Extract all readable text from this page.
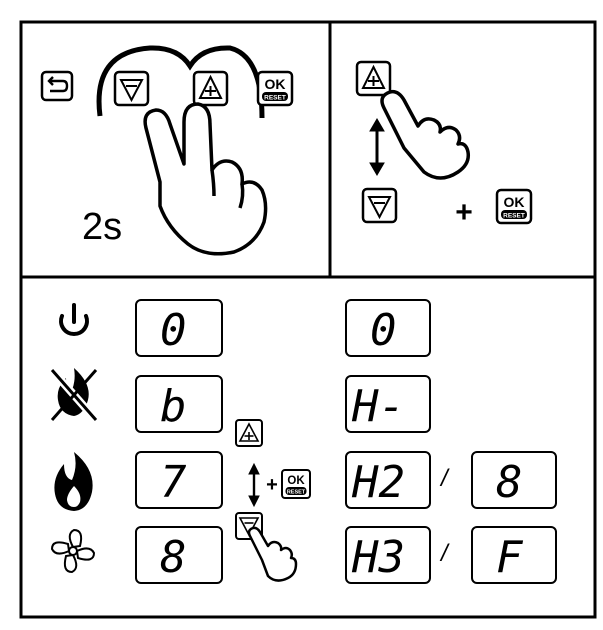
OK
RESET
2s	+ OK
RESET
0
b
7
8
+ OK
RESET
0
H-
H2
H3
/
/
8
F
